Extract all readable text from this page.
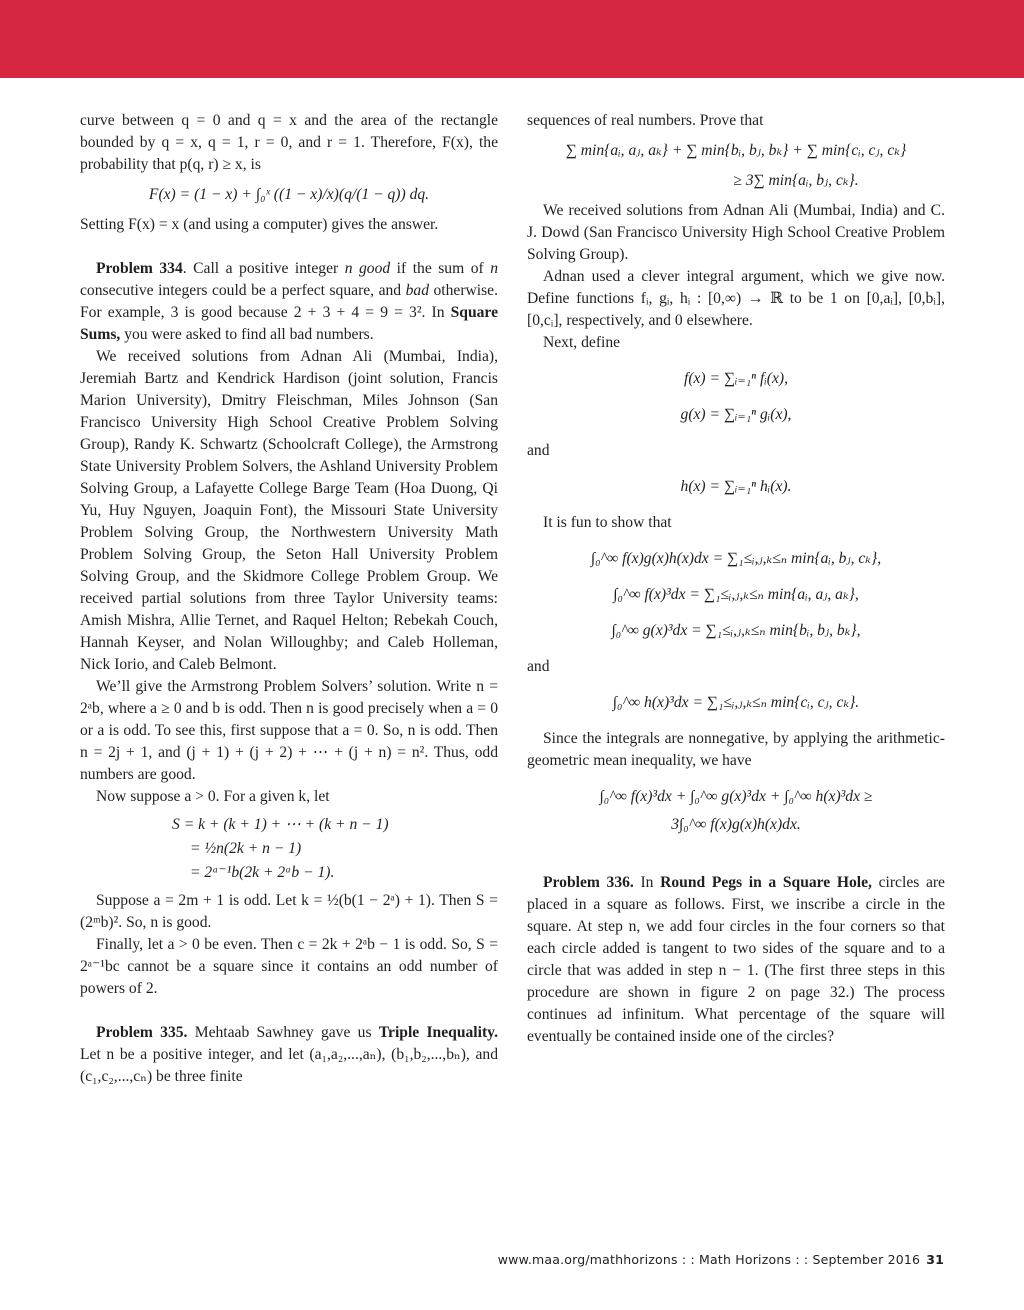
curve between q = 0 and q = x and the area of the rectangle bounded by q = x, q = 1, r = 0, and r = 1. Therefore, F(x), the probability that p(q, r) ≥ x, is

F(x) = (1 − x) + ∫₀ˣ ((1 − x)/x)(q/(1 − q)) dq.

Setting F(x) = x (and using a computer) gives the answer.

Problem 334. Call a positive integer n good if the sum of n consecutive integers could be a perfect square, and bad otherwise. For example, 3 is good because 2 + 3 + 4 = 9 = 3². In Square Sums, you were asked to find all bad numbers.

We received solutions from Adnan Ali (Mumbai, India), Jeremiah Bartz and Kendrick Hardison (joint solution, Francis Marion University), Dmitry Fleischman, Miles Johnson (San Francisco University High School Creative Problem Solving Group), Randy K. Schwartz (Schoolcraft College), the Armstrong State University Problem Solvers, the Ashland University Problem Solving Group, a Lafayette College Barge Team (Hoa Duong, Qi Yu, Huy Nguyen, Joaquin Font), the Missouri State University Problem Solving Group, the Northwestern University Math Problem Solving Group, the Seton Hall University Problem Solving Group, and the Skidmore College Problem Group. We received partial solutions from three Taylor University teams: Amish Mishra, Allie Ternet, and Raquel Helton; Rebekah Couch, Hannah Keyser, and Nolan Willoughby; and Caleb Holleman, Nick Iorio, and Caleb Belmont.

We’ll give the Armstrong Problem Solvers’ solution. Write n = 2ᵃb, where a ≥ 0 and b is odd. Then n is good precisely when a = 0 or a is odd. To see this, first suppose that a = 0. So, n is odd. Then n = 2j + 1, and (j + 1) + (j + 2) + ⋯ + (j + n) = n². Thus, odd numbers are good.

Now suppose a > 0. For a given k, let

S = k + (k + 1) + ⋯ + (k + n − 1)
= ½n(2k + n − 1)
= 2ᵃ⁻¹b(2k + 2ᵃb − 1).

Suppose a = 2m + 1 is odd. Let k = ½(b(1 − 2ᵃ) + 1). Then S = (2ᵐb)². So, n is good.

Finally, let a > 0 be even. Then c = 2k + 2ᵃb − 1 is odd. So, S = 2ᵃ⁻¹bc cannot be a square since it contains an odd number of powers of 2.

Problem 335. Mehtaab Sawhney gave us Triple Inequality. Let n be a positive integer, and let (a₁,a₂,...,aₙ), (b₁,b₂,...,bₙ), and (c₁,c₂,...,cₙ) be three finite

sequences of real numbers. Prove that

∑ min{aᵢ, aⱼ, aₖ} + ∑ min{bᵢ, bⱼ, bₖ} + ∑ min{cᵢ, cⱼ, cₖ}
≥ 3∑ min{aᵢ, bⱼ, cₖ}.

We received solutions from Adnan Ali (Mumbai, India) and C. J. Dowd (San Francisco University High School Creative Problem Solving Group).

Adnan used a clever integral argument, which we give now. Define functions fᵢ, gᵢ, hᵢ : [0,∞) → ℝ to be 1 on [0,aᵢ], [0,bᵢ], [0,cᵢ], respectively, and 0 elsewhere.

Next, define

f(x) = ∑ᵢ₌₁ⁿ fᵢ(x),
g(x) = ∑ᵢ₌₁ⁿ gᵢ(x),

and

h(x) = ∑ᵢ₌₁ⁿ hᵢ(x).

It is fun to show that

∫₀^∞ f(x)g(x)h(x)dx = ∑₁≤ᵢ,ⱼ,ₖ≤ₙ min{aᵢ, bⱼ, cₖ},
∫₀^∞ f(x)³dx = ∑₁≤ᵢ,ⱼ,ₖ≤ₙ min{aᵢ, aⱼ, aₖ},
∫₀^∞ g(x)³dx = ∑₁≤ᵢ,ⱼ,ₖ≤ₙ min{bᵢ, bⱼ, bₖ},

and

∫₀^∞ h(x)³dx = ∑₁≤ᵢ,ⱼ,ₖ≤ₙ min{cᵢ, cⱼ, cₖ}.

Since the integrals are nonnegative, by applying the arithmetic-geometric mean inequality, we have

∫₀^∞ f(x)³dx + ∫₀^∞ g(x)³dx + ∫₀^∞ h(x)³dx ≥
3∫₀^∞ f(x)g(x)h(x)dx.

Problem 336. In Round Pegs in a Square Hole, circles are placed in a square as follows. First, we inscribe a circle in the square. At step n, we add four circles in the four corners so that each circle added is tangent to two sides of the square and to a circle that was added in step n − 1. (The first three steps in this procedure are shown in figure 2 on page 32.) The process continues ad infinitum. What percentage of the square will eventually be contained inside one of the circles?

www.maa.org/mathhorizons : : Math Horizons : : September 2016 31
